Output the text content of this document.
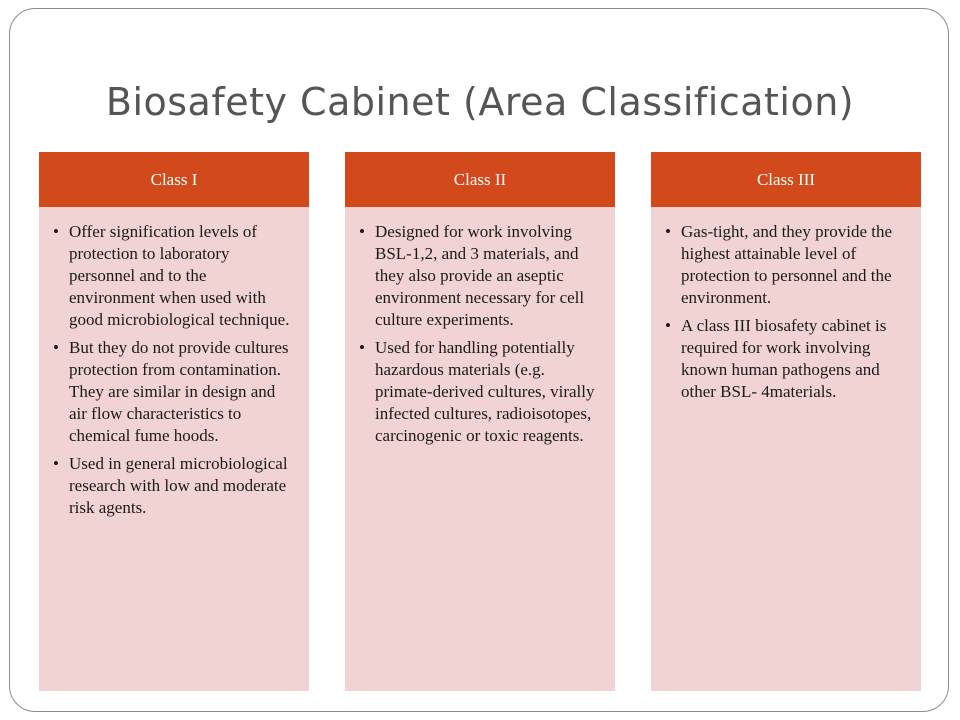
Biosafety Cabinet (Area Classification)
Class I
• Offer signification levels of protection to laboratory personnel and to the environment when used with good microbiological technique.
• But they do not provide cultures protection from contamination. They are similar in design and air flow characteristics to chemical fume hoods.
• Used in general microbiological research with low and moderate risk agents.
Class II
• Designed for work involving BSL-1,2, and 3 materials, and they also provide an aseptic environment necessary for cell culture experiments.
• Used for handling potentially hazardous materials (e.g. primate-derived cultures, virally infected cultures, radioisotopes, carcinogenic or toxic reagents.
Class III
• Gas-tight, and they provide the highest attainable level of protection to personnel and the environment.
• A class III biosafety cabinet is required for work involving known human pathogens and other BSL- 4materials.
